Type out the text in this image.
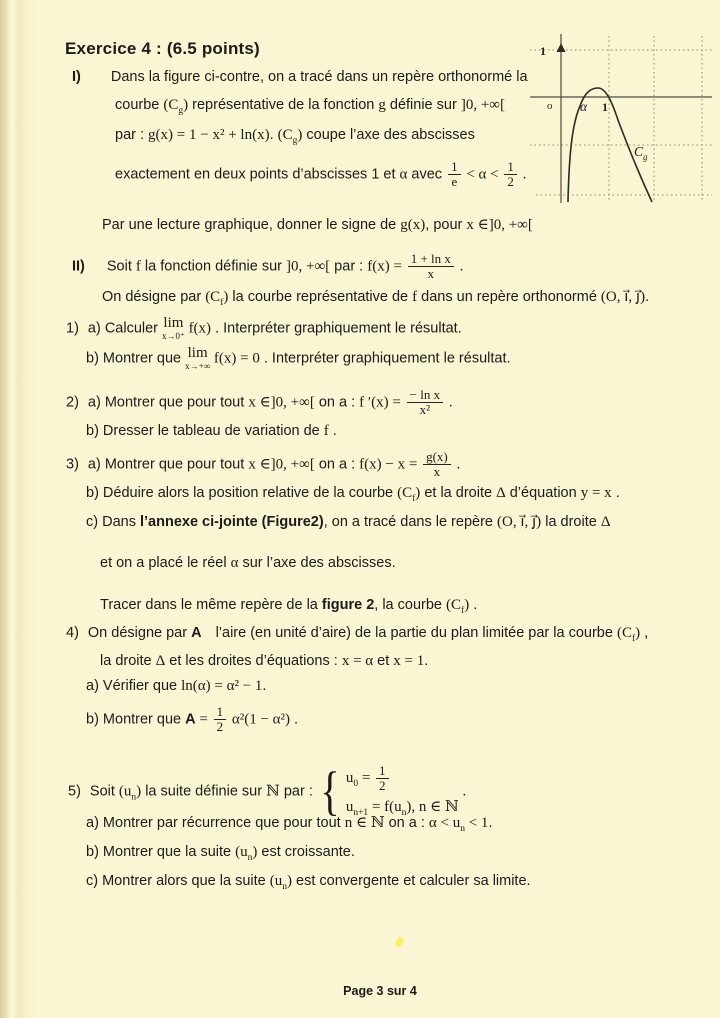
Exercice 4 : (6.5 points)
I) Dans la figure ci-contre, on a tracé dans un repère orthonormé la
courbe $(C_g)$ représentative de la fonction g définie sur ]0, +∞[
par : g(x) = 1 − x² + ln(x). $(C_g)$ coupe l’axe des abscisses
exactement en deux points d’abscisses 1 et α avec $\frac{1}{e} < \alpha < \frac{1}{2}$ .
Par une lecture graphique, donner le signe de g(x), pour x ∈]0, +∞[
II) Soit f la fonction définie sur ]0, +∞[ par : $f(x) = \frac{\text{1 + ln x}}{x}$ .
On désigne par $(C_f)$ la courbe représentative de f dans un repère orthonormé (O, i⃗, j⃗).
1) a) Calculer lim
x→0⁺ f(x) . Interpréter graphiquement le résultat.
b) Montrer que lim
x→+∞ f(x) = 0 . Interpréter graphiquement le résultat.
2) a) Montrer que pour tout x ∈]0, +∞[ on a : f $'(x) = \frac{\text{− ln x}}{\text{x²}}$ .
b) Dresser le tableau de variation de f .
3) a) Montrer que pour tout x ∈]0, +∞[ on a : $f(x) - x = \frac{g(x)}{x}$ .
b) Déduire alors la position relative de la courbe $(C_f)$ et la droite Δ d’équation y = x .
c) Dans l’annexe ci-jointe (Figure2), on a tracé dans le repère (O, i⃗, j⃗) la droite Δ
et on a placé le réel α sur l’axe des abscisses.
Tracer dans le même repère de la figure 2, la courbe $(C_f)$ .
4) On désigne par A l’aire (en unité d’aire) de la partie du plan limitée par la courbe $(C_f)$ ,
la droite Δ et les droites d’équations : x = α et x = 1.
a) Vérifier que ln(α) = α² − 1.
b) Montrer que $A = \frac{1}{2} \alpha^2(1 - \alpha^2)$ .
5) Soit $(u_n)$ la suite définie sur ℕ par : { $u_0 = \frac{1}{2}$
$u_{n+1} = f(u_n)$, n ∈ ℕ
.
a) Montrer par récurrence que pour tout n ∈ ℕ on a : $\alpha < u_n < 1$.
b) Montrer que la suite $(u_n)$ est croissante.
c) Montrer alors que la suite $(u_n)$ est convergente et calculer sa limite.
1
o α 1
C g
Page 3 sur 4
